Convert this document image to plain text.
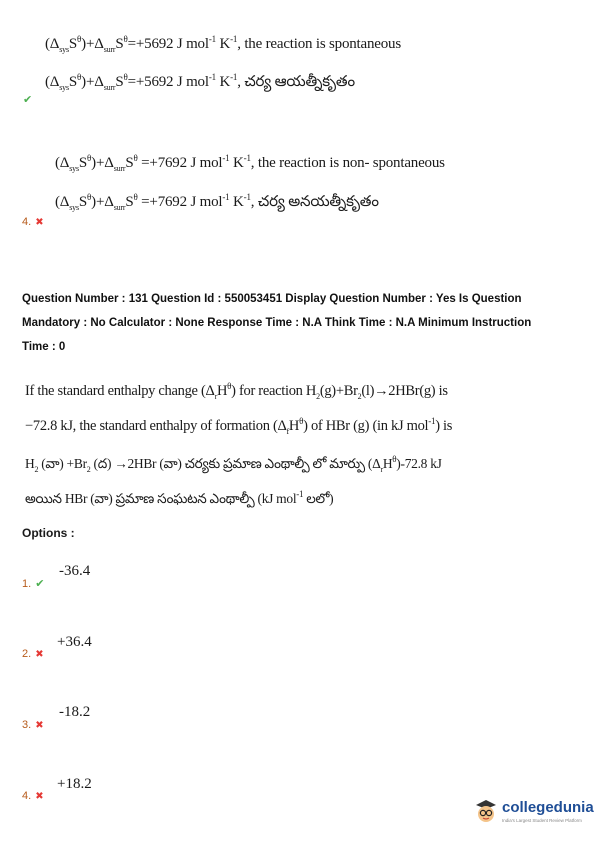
$(\Delta_{sys}S^\theta)+\Delta_{surr}S^\theta=+5692$ J mol$^{-1}$ $K^{-1}$, the reaction is spontaneous
$(\Delta_{sys}S^\theta)+\Delta_{surr}S^\theta=+5692$ J mol$^{-1}$ $K^{-1}$, చర్య ఆయత్నీకృతం
✔
$(\Delta_{sys}S^\theta)+\Delta_{surr}S^\theta =+7692$ J mol$^{-1}$ $K^{-1}$, the reaction is non- spontaneous
$(\Delta_{sys}S^\theta)+\Delta_{surr}S^\theta =+7692$ J mol$^{-1}$ $K^{-1}$, చర్య అనయత్నీకృతం
4. ✖
Question Number : 131 Question Id : 550053451 Display Question Number : Yes Is Question
Mandatory : No Calculator : None Response Time : N.A Think Time : N.A Minimum Instruction
Time : 0
If the standard enthalpy change $(\Delta_rH^\theta)$ for reaction $H_2(g)+Br_2(l)\to 2HBr(g)$ is
−72.8 kJ, the standard enthalpy of formation $(\Delta_fH^\theta)$ of HBr (g) (in kJ mol$^{-1}$) is
$H_2$ (వా) $+Br_2$ (ద) →2HBr (వా) చర్యకు ప్రమాణ ఎంథాల్పీ లో మార్పు $(\Delta_rH^\theta)-72.8$ kJ
అయిన HBr (వా) ప్రమాణ సంఘటన ఎంథాల్పీ (kJ mol$^{-1}$ లలో)
Options :
1. ✔
-36.4
2. ✖
+36.4
3. ✖
-18.2
4. ✖
+18.2
collegedunia
India's Largest Student Review Platform
